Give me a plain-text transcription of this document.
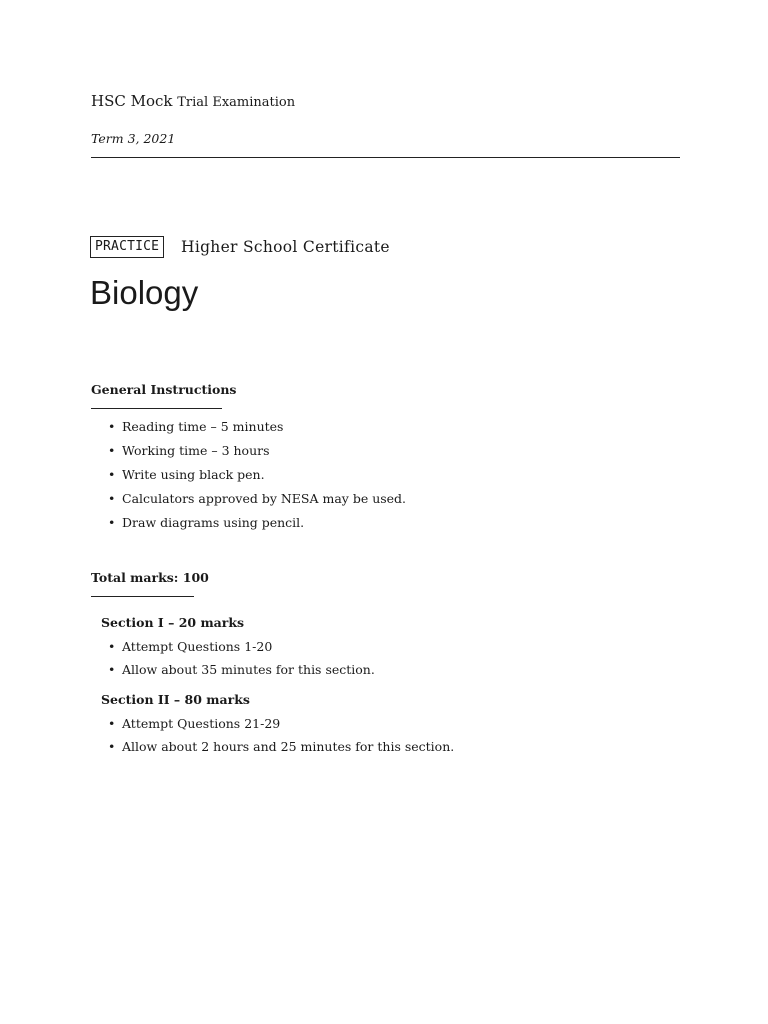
HSC Mock Trial Examination
Term 3, 2021
PRACTICE	Higher School Certificate
Biology
General Instructions
• Reading time – 5 minutes
• Working time – 3 hours
• Write using black pen.
• Calculators approved by NESA may be used.
• Draw diagrams using pencil.
Total marks: 100
Section I – 20 marks
• Attempt Questions 1-20
• Allow about 35 minutes for this section.
Section II – 80 marks
• Attempt Questions 21-29
• Allow about 2 hours and 25 minutes for this section.
